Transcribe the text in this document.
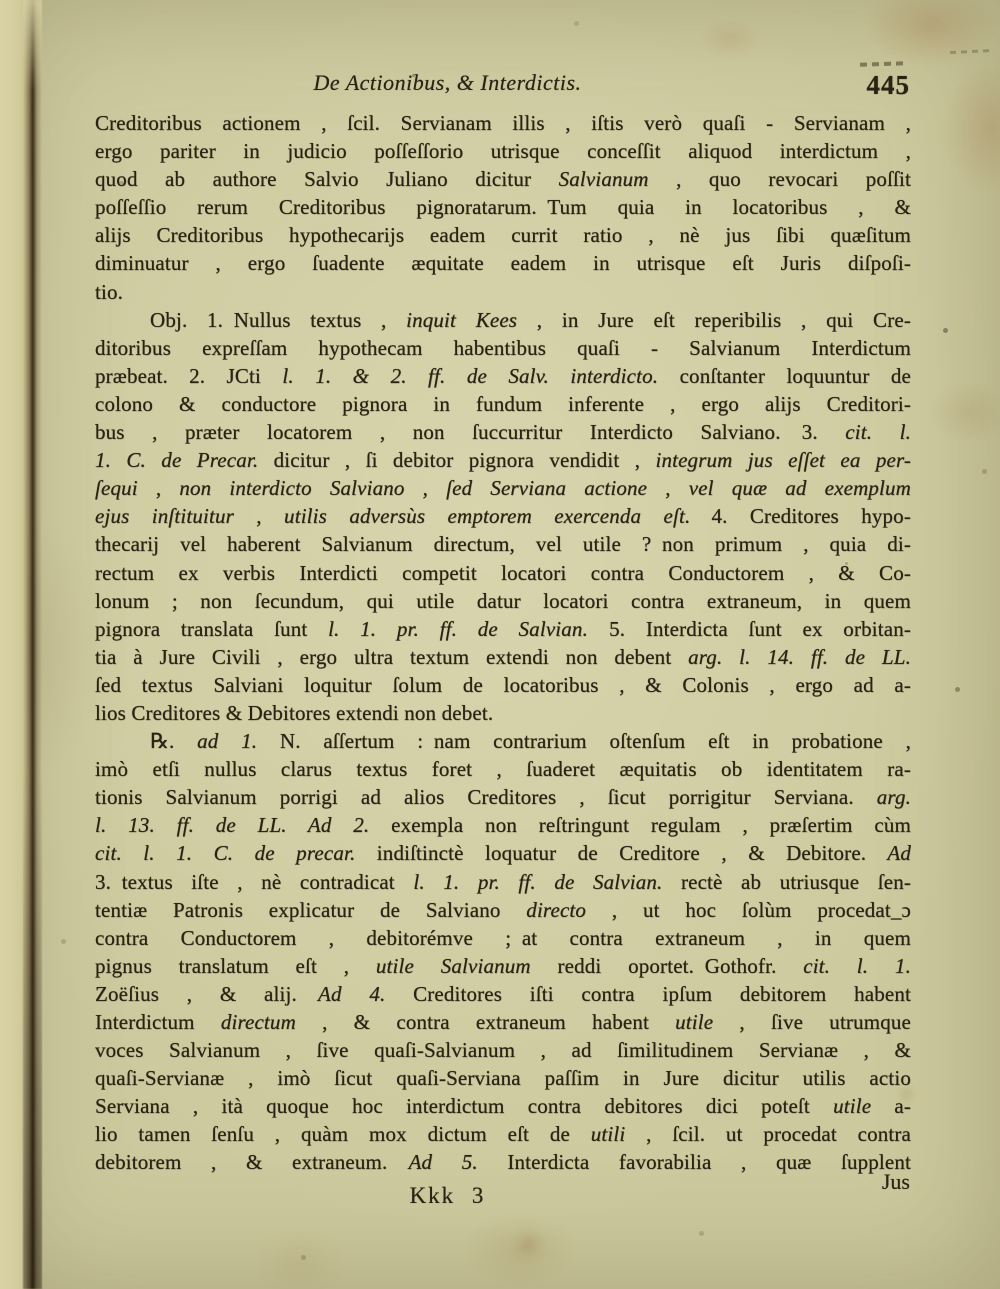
De Actionibus, & Interdictis.	445
Creditoribus actionem , ſcil. Servianam illis , iſtis verò quaſi - Servianam ,
ergo pariter in judicio poſſeſſorio utrisque conceſſit aliquod interdictum ,
quod ab authore Salvio Juliano dicitur Salvianum , quo revocari poſſit
poſſeſſio rerum Creditoribus pignoratarum. Tum quia in locatoribus , &
alijs Creditoribus hypothecarijs eadem currit ratio , nè jus ſibi quæſitum
diminuatur , ergo ſuadente æquitate eadem in utrisque eſt Juris diſpoſi-
tio.
Obj. 1. Nullus textus , inquit Kees , in Jure eſt reperibilis , qui Cre-
ditoribus expreſſam hypothecam habentibus quaſi - Salvianum Interdictum
præbeat. 2. JCti l. 1. & 2. ff. de Salv. interdicto. conſtanter loquuntur de
colono & conductore pignora in fundum inferente , ergo alijs Creditori-
bus , præter locatorem , non ſuccurritur Interdicto Salviano. 3. cit. l.
1. C. de Precar. dicitur , ſi debitor pignora vendidit , integrum jus eſſet ea per-
ſequi , non interdicto Salviano , ſed Serviana actione , vel quæ ad exemplum
ejus inſtituitur , utilis adversùs emptorem exercenda eſt. 4. Creditores hypo-
thecarij vel haberent Salvianum directum, vel utile ? non primum , quia di-
rectum ex verbis Interdicti competit locatori contra Conductorem , & Co-
lonum ; non ſecundum, qui utile datur locatori contra extraneum, in quem
pignora translata ſunt l. 1. pr. ff. de Salvian. 5. Interdicta ſunt ex orbitan-
tia à Jure Civili , ergo ultra textum extendi non debent arg. l. 14. ff. de LL.
ſed textus Salviani loquitur ſolum de locatoribus , & Colonis , ergo ad a-
lios Creditores & Debitores extendi non debet.
℞. ad 1. N. aſſertum : nam contrarium oſtenſum eſt in probatione ,
imò etſi nullus clarus textus foret , ſuaderet æquitatis ob identitatem ra-
tionis Salvianum porrigi ad alios Creditores , ſicut porrigitur Serviana. arg.
l. 13. ff. de LL. Ad 2. exempla non reſtringunt regulam , præſertim cùm
cit. l. 1. C. de precar. indiſtinctè loquatur de Creditore , & Debitore. Ad
3. textus iſte , nè contradicat l. 1. pr. ff. de Salvian. rectè ab utriusque ſen-
tentiæ Patronis explicatur de Salviano directo , ut hoc ſolùm procedat_ɔ
contra Conductorem , debitorémve ; at contra extraneum , in quem
pignus translatum eſt , utile Salvianum reddi oportet. Gothofr. cit. l. 1.
Zoëſius , & alij. Ad 4. Creditores iſti contra ipſum debitorem habent
Interdictum directum , & contra extraneum habent utile , ſive utrumque
voces Salvianum , ſive quaſi-Salvianum , ad ſimilitudinem Servianæ , &
quaſi-Servianæ , imò ſicut quaſi-Serviana paſſim in Jure dicitur utilis actio
Serviana , ità quoque hoc interdictum contra debitores dici poteſt utile a-
lio tamen ſenſu , quàm mox dictum eſt de utili , ſcil. ut procedat contra
debitorem , & extraneum. Ad 5. Interdicta favorabilia , quæ ſupplent
Kkk 3
Jus
